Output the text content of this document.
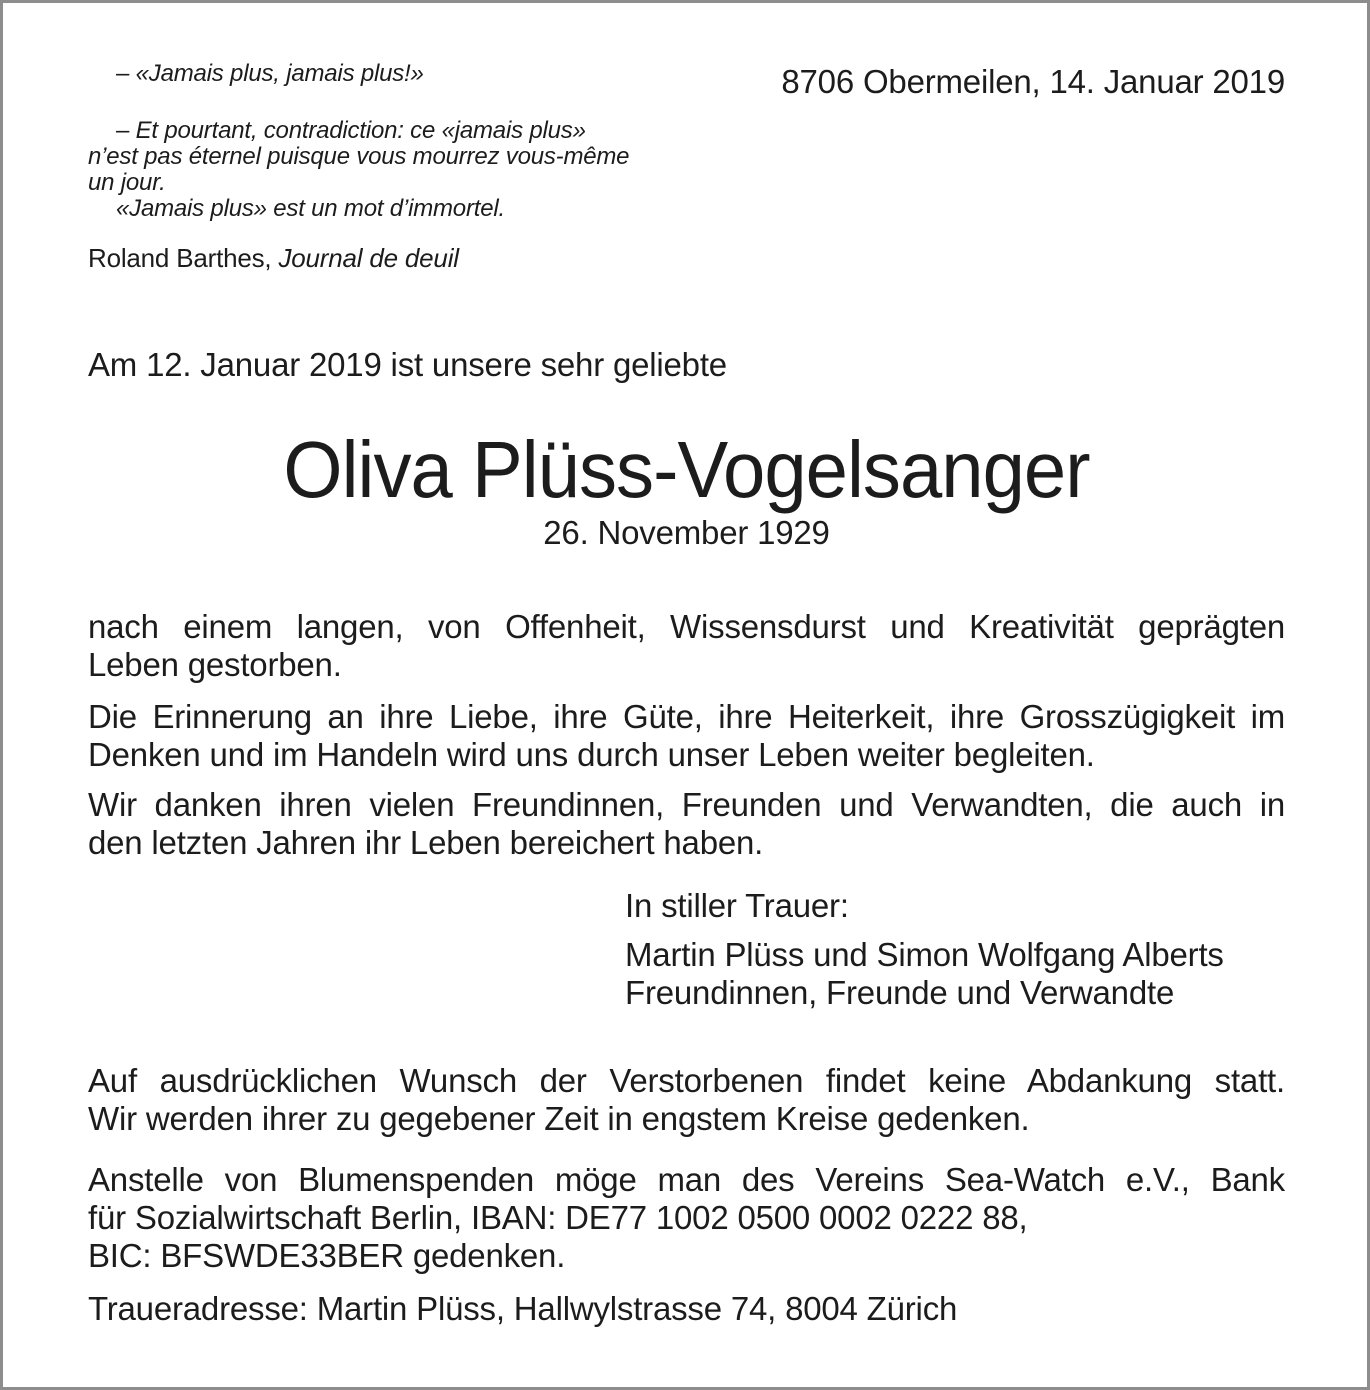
– «Jamais plus, jamais plus!»
– Et pourtant, contradiction: ce «jamais plus»
n’est pas éternel puisque vous mourrez vous-même
un jour.
«Jamais plus» est un mot d’immortel.
Roland Barthes, Journal de deuil
8706 Obermeilen, 14. Januar 2019
Am 12. Januar 2019 ist unsere sehr geliebte
Oliva Plüss-Vogelsanger
26. November 1929
nach einem langen, von Offenheit, Wissensdurst und Kreativität geprägten
Leben gestorben.
Die Erinnerung an ihre Liebe, ihre Güte, ihre Heiterkeit, ihre Grosszügigkeit im
Denken und im Handeln wird uns durch unser Leben weiter begleiten.
Wir danken ihren vielen Freundinnen, Freunden und Verwandten, die auch in
den letzten Jahren ihr Leben bereichert haben.
In stiller Trauer:
Martin Plüss und Simon Wolfgang Alberts
Freundinnen, Freunde und Verwandte
Auf ausdrücklichen Wunsch der Verstorbenen findet keine Abdankung statt.
Wir werden ihrer zu gegebener Zeit in engstem Kreise gedenken.
Anstelle von Blumenspenden möge man des Vereins Sea-Watch e.V., Bank
für Sozialwirtschaft Berlin, IBAN: DE77 1002 0500 0002 0222 88,
BIC: BFSWDE33BER gedenken.
Traueradresse: Martin Plüss, Hallwylstrasse 74, 8004 Zürich
